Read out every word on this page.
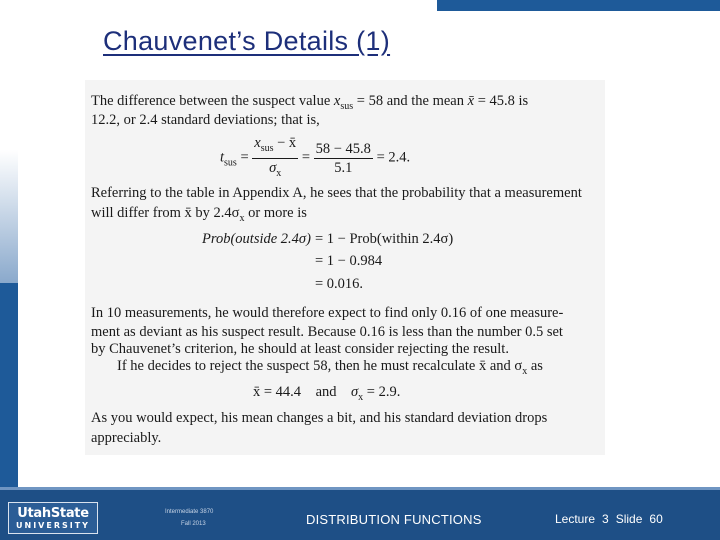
Chauvenet’s Details (1)

The difference between the suspect value $x_{sus} = 58$ and the mean x̄ = 45.8 is

12.2, or 2.4 standard deviations; that is,

$t_{sus} = \frac{x_{sus} - x̄}{\sigma_x} = \frac{58 - 45.8}{5.1} = 2.4$.

Referring to the table in Appendix A, he sees that the probability that a measurement

will differ from x̄ by $2.4\sigma_x$ or more is

Prob(outside 2.4σ) = 1 − Prob(within 2.4σ)

= 1 − 0.984

= 0.016.

In 10 measurements, he would therefore expect to find only 0.16 of one measure-

ment as deviant as his suspect result. Because 0.16 is less than the number 0.5 set

by Chauvenet’s criterion, he should at least consider rejecting the result.

If he decides to reject the suspect 58, then he must recalculate x̄ and $\sigma_x$ as

x̄ = 44.4 and $\sigma_x = 2.9$.

As you would expect, his mean changes a bit, and his standard deviation drops

appreciably.

UtahState
UNIVERSITY
Intermediate 3870
Fall 2013	DISTRIBUTION FUNCTIONS	Lecture 3 Slide 60
